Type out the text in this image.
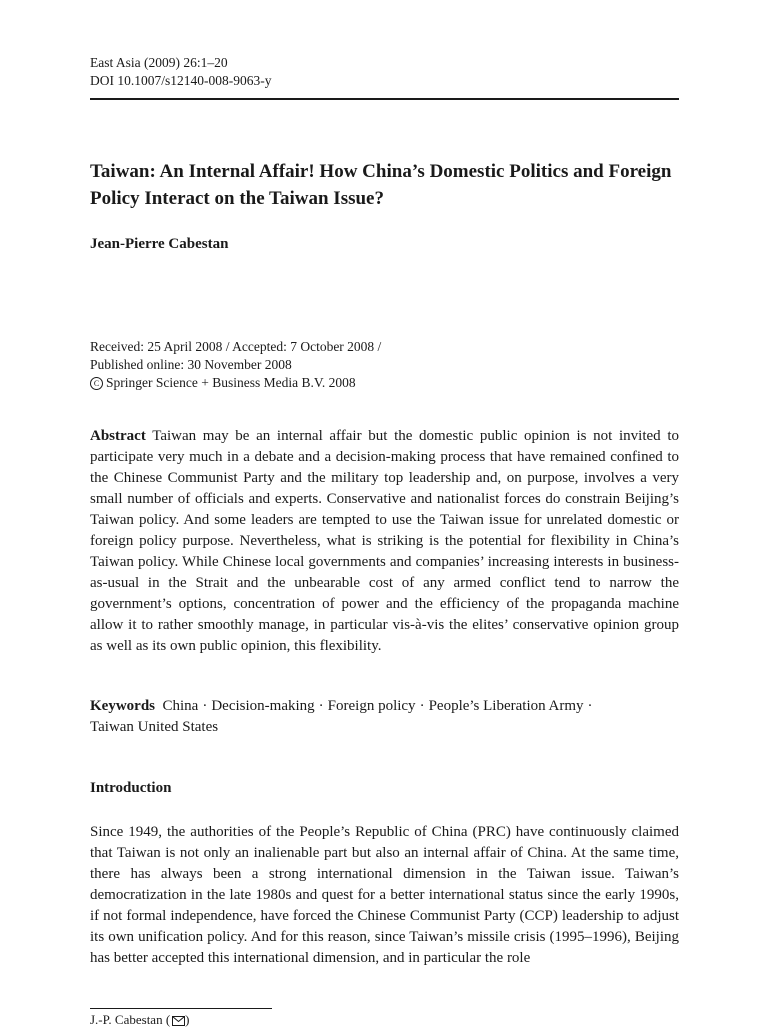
East Asia (2009) 26:1–20
DOI 10.1007/s12140-008-9063-y
Taiwan: An Internal Affair! How China’s Domestic Politics and Foreign Policy Interact on the Taiwan Issue?
Jean-Pierre Cabestan
Received: 25 April 2008 / Accepted: 7 October 2008 /
Published online: 30 November 2008
C Springer Science + Business Media B.V. 2008

Abstract Taiwan may be an internal affair but the domestic public opinion is not invited to participate very much in a debate and a decision-making process that have remained confined to the Chinese Communist Party and the military top leadership and, on purpose, involves a very small number of officials and experts. Conservative and nationalist forces do constrain Beijing’s Taiwan policy. And some leaders are tempted to use the Taiwan issue for unrelated domestic or foreign policy purpose. Nevertheless, what is striking is the potential for flexibility in China’s Taiwan policy. While Chinese local governments and companies’ increasing interests in business-as-usual in the Strait and the unbearable cost of any armed conflict tend to narrow the government’s options, concentration of power and the efficiency of the propaganda machine allow it to rather smoothly manage, in particular vis-à-vis the elites’ conservative opinion group as well as its own public opinion, this flexibility.

Keywords China · Decision-making · Foreign policy · People’s Liberation Army ·
Taiwan United States
Introduction

Since 1949, the authorities of the People’s Republic of China (PRC) have continuously claimed that Taiwan is not only an inalienable part but also an internal affair of China. At the same time, there has always been a strong international dimension in the Taiwan issue. Taiwan’s democratization in the late 1980s and quest for a better international status since the early 1990s, if not formal independence, have forced the Chinese Communist Party (CCP) leadership to adjust its own unification policy. And for this reason, since Taiwan’s missile crisis (1995–1996), Beijing has better accepted this international dimension, and in particular the role

J.-P. Cabestan ( )
